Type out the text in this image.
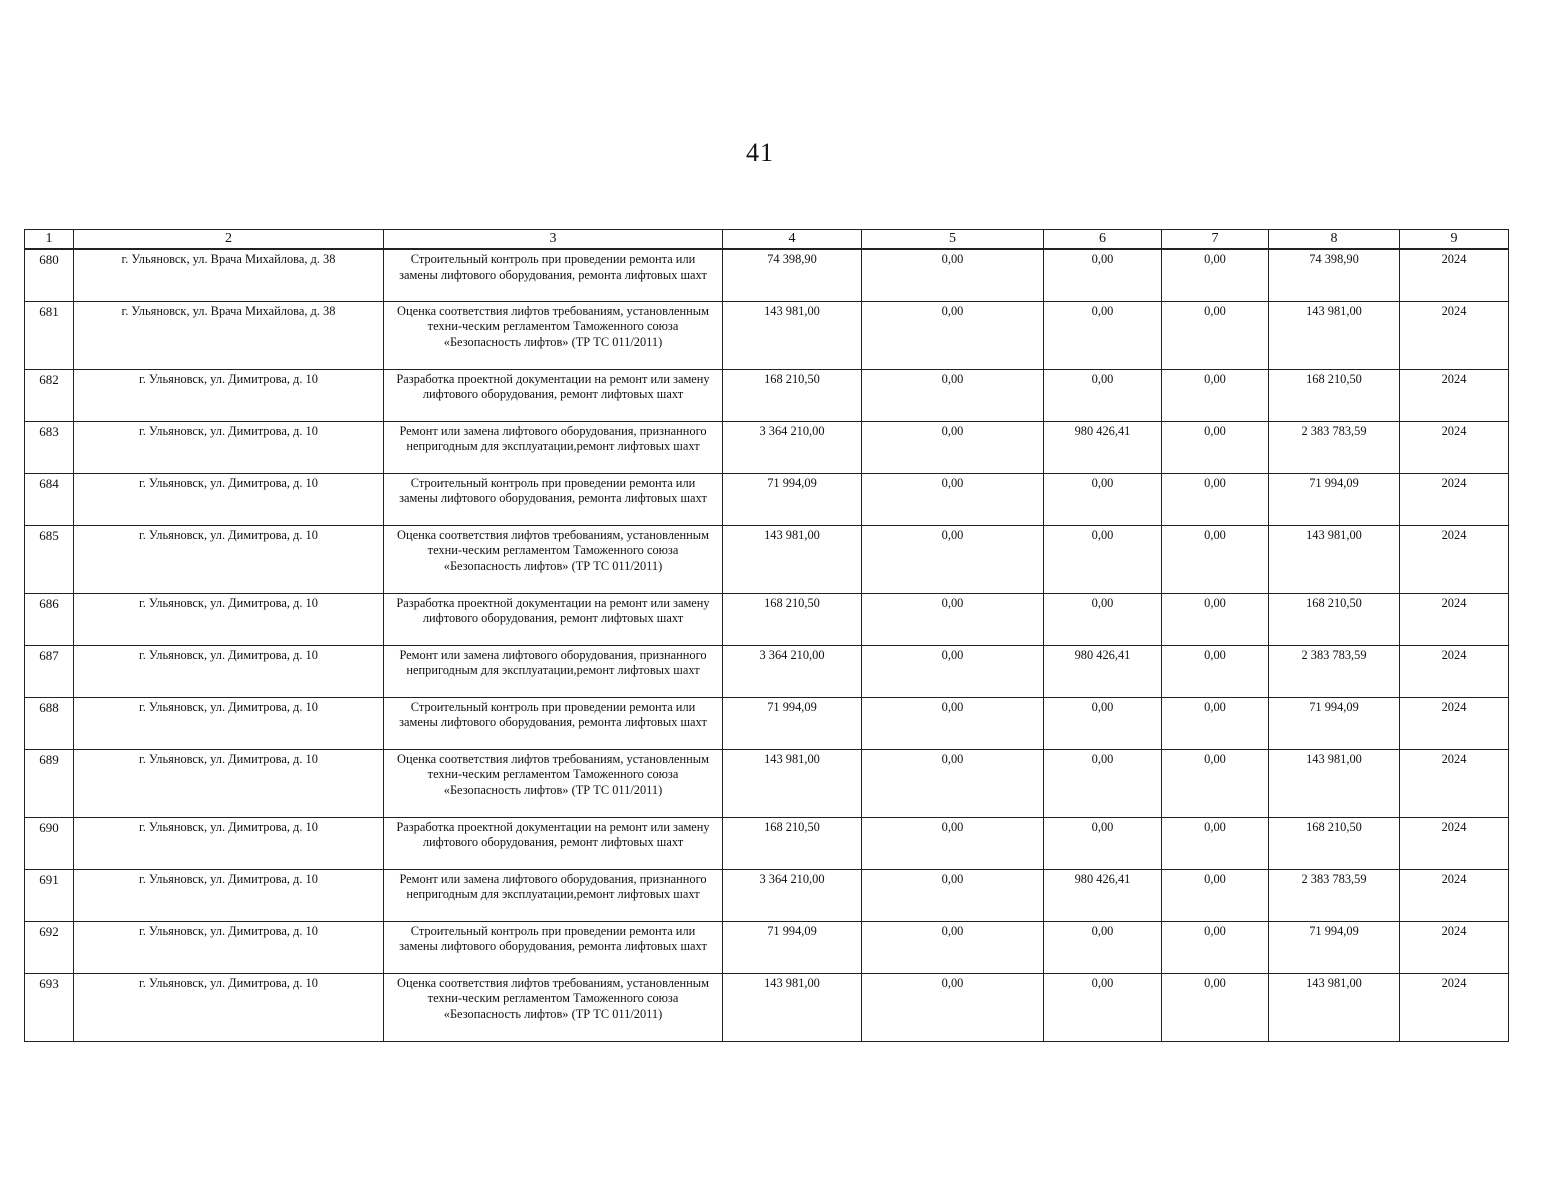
41
1	2	3	4	5	6	7	8	9
680	г. Ульяновск, ул. Врача Михайлова, д. 38	Строительный контроль при проведении ремонта или замены лифтового оборудования, ремонта лифтовых шахт	74 398,90	0,00	0,00	0,00	74 398,90	2024
681	г. Ульяновск, ул. Врача Михайлова, д. 38	Оценка соответствия лифтов требованиям, установленным техни-ческим регламентом Таможенного союза «Безопасность лифтов» (ТР ТС 011/2011)	143 981,00	0,00	0,00	0,00	143 981,00	2024
682	г. Ульяновск, ул. Димитрова, д. 10	Разработка проектной документации на ремонт или замену лифтового оборудования, ремонт лифтовых шахт	168 210,50	0,00	0,00	0,00	168 210,50	2024
683	г. Ульяновск, ул. Димитрова, д. 10	Ремонт или замена лифтового оборудования, признанного непригодным для эксплуатации,ремонт лифтовых шахт	3 364 210,00	0,00	980 426,41	0,00	2 383 783,59	2024
684	г. Ульяновск, ул. Димитрова, д. 10	Строительный контроль при проведении ремонта или замены лифтового оборудования, ремонта лифтовых шахт	71 994,09	0,00	0,00	0,00	71 994,09	2024
685	г. Ульяновск, ул. Димитрова, д. 10	Оценка соответствия лифтов требованиям, установленным техни-ческим регламентом Таможенного союза «Безопасность лифтов» (ТР ТС 011/2011)	143 981,00	0,00	0,00	0,00	143 981,00	2024
686	г. Ульяновск, ул. Димитрова, д. 10	Разработка проектной документации на ремонт или замену лифтового оборудования, ремонт лифтовых шахт	168 210,50	0,00	0,00	0,00	168 210,50	2024
687	г. Ульяновск, ул. Димитрова, д. 10	Ремонт или замена лифтового оборудования, признанного непригодным для эксплуатации,ремонт лифтовых шахт	3 364 210,00	0,00	980 426,41	0,00	2 383 783,59	2024
688	г. Ульяновск, ул. Димитрова, д. 10	Строительный контроль при проведении ремонта или замены лифтового оборудования, ремонта лифтовых шахт	71 994,09	0,00	0,00	0,00	71 994,09	2024
689	г. Ульяновск, ул. Димитрова, д. 10	Оценка соответствия лифтов требованиям, установленным техни-ческим регламентом Таможенного союза «Безопасность лифтов» (ТР ТС 011/2011)	143 981,00	0,00	0,00	0,00	143 981,00	2024
690	г. Ульяновск, ул. Димитрова, д. 10	Разработка проектной документации на ремонт или замену лифтового оборудования, ремонт лифтовых шахт	168 210,50	0,00	0,00	0,00	168 210,50	2024
691	г. Ульяновск, ул. Димитрова, д. 10	Ремонт или замена лифтового оборудования, признанного непригодным для эксплуатации,ремонт лифтовых шахт	3 364 210,00	0,00	980 426,41	0,00	2 383 783,59	2024
692	г. Ульяновск, ул. Димитрова, д. 10	Строительный контроль при проведении ремонта или замены лифтового оборудования, ремонта лифтовых шахт	71 994,09	0,00	0,00	0,00	71 994,09	2024
693	г. Ульяновск, ул. Димитрова, д. 10	Оценка соответствия лифтов требованиям, установленным техни-ческим регламентом Таможенного союза «Безопасность лифтов» (ТР ТС 011/2011)	143 981,00	0,00	0,00	0,00	143 981,00	2024
